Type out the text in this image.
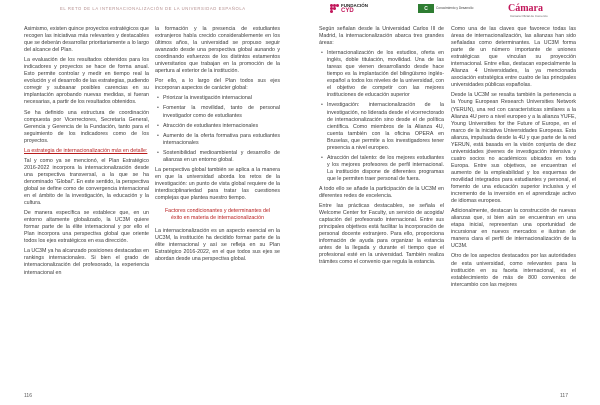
EL RETO DE LA INTERNACIONALIZACIÓN DE LA UNIVERSIDAD ESPAÑOLA
FUNDACIÓN
CYD	C	Conocimiento y Desarrollo	Cámara
Cámara Oficial de Comercio

Asimismo, existen quince proyectos estratégicos que recogen las iniciativas más relevantes y destacables que se deberán desarrollar prioritariamente a lo largo del alcance del Plan.

La evaluación de los resultados obtenidos para los indicadores y proyectos se hace de forma anual. Esto permite controlar y medir en tiempo real la evolución y el desarrollo de las estrategias, pudiendo corregir y subsanar posibles carencias en su implantación aprobando nuevas medidas, si fueran necesarias, a partir de los resultados obtenidos.

Se ha definido una estructura de coordinación compuesta por Vicerrectores, Secretaría General, Gerencia y Gerencia de la Fundación, tanto para el seguimiento de los indicadores como de los proyectos.

La estrategia de internacionalización más en detalle:

Tal y como ya se mencionó, el Plan Estratégico 2016-2022 incorpora la internacionalización desde una perspectiva transversal, a la que se ha denominado “Global”. En este sentido, la perspectiva global se define como de convergencia internacional en el ámbito de la investigación, la educación y la cultura.

De manera específica se establece que, en un entorno altamente globalizado, la UC3M quiere formar parte de la élite internacional y por ello el Plan incorpora una perspectiva global que oriente todos los ejes estratégicos en esa dirección.

La UC3M ya ha alcanzado posiciones destacadas en rankings internacionales. Si bien el grado de internacionalización del profesorado, la experiencia internacional en

la formación y la presencia de estudiantes extranjeros había crecido considerablemente en los últimos años, la universidad se propuso seguir avanzado desde una perspectiva global aunando y coordinando esfuerzos de los distintos estamentos universitarios que trabajan en la promoción de la apertura al exterior de la institución.

Por ello, a lo largo del Plan todos sus ejes incorporan aspectos de carácter global:

• Priorizar la investigación internacional
• Fomentar la movilidad, tanto de personal investigador como de estudiantes
• Atracción de estudiantes internacionales
• Aumento de la oferta formativa para estudiantes internacionales
• Sostenibilidad medioambiental y desarrollo de alianzas en un entorno global.

La perspectiva global también se aplica a la manera en que la universidad aborda los retos de la investigación: un punto de vista global requiere de la interdisciplinariedad para tratar las cuestiones complejas que plantea nuestro tiempo.

Factores condicionantes y determinantes del éxito en materia de internacionalización

La internacionalización es un aspecto esencial en la UC3M, la institución ha decidido formar parte de la élite internacional y así se refleja en su Plan Estratégico 2016-2022, en el que todos sus ejes se abordan desde una perspectiva global.

Según señalan desde la Universidad Carlos III de Madrid, la internacionalización abarca tres grandes áreas:

• Internacionalización de los estudios, oferta en inglés, doble titulación, movilidad. Una de las tareas que vienen desarrollando desde hace tiempo es la implantación del bilingüismo inglés-español a todos los niveles de la universidad, con el objetivo de competir con las mejores instituciones de educación superior
• Investigación: internacionalización de la investigación, no liderada desde el vicerrectorado de internacionalización sino desde el de política científica. Como miembros de la Alianza 4U, cuenta también con la oficina OPERA en Bruselas, que permite a los investigadores tener presencia a nivel europeo.
• Atracción del talento: de los mejores estudiantes y los mejores profesores de perfil internacional. La institución dispone de diferentes programas que le permiten traer personal de fuera.

A todo ello se añade la participación de la UC3M en diferentes redes de excelencia.

Entre las prácticas destacables, se señala el Welcome Center for Faculty, un servicio de acogida/ captación del profesorado internacional. Entre sus principales objetivos está facilitar la incorporación de personal docente extranjero. Para ello, proporciona información de ayuda para organizar la estancia antes de la llegada y durante el tiempo que el profesional esté en la universidad. También realiza trámites como el convenio que regula la estancia.

Como una de las claves que favorece todas las áreas de internacionalización, las alianzas han sido señaladas como determinantes. La UC3M forma parte de un número importante de uniones estratégicas que vinculan su proyección internacional. Entre ellas, destacan especialmente la Alianza 4 Universidades, la ya mencionada asociación estratégica entre cuatro de las principales universidades públicas españolas.

Desde la UC3M se resalta también la pertenencia a la Young European Research Universities Network (YERUN), una red con características similares a la Alianza 4U pero a nivel europeo y a la alianza YUFE, Young Universities for the Future of Europe, en el marco de la iniciativa Universidades Europeas. Esta alianza, impulsada desde la 4U y que parte de la red YERUN, está basada en la visión conjunta de diez universidades jóvenes de investigación intensiva y cuatro socios no académicos ubicados en toda Europa. Entre sus objetivos, se encuentran el aumento de la empleabilidad y los esquemas de movilidad integrados para estudiantes y personal, el fomento de una educación superior inclusiva y el incremento de la inversión en el aprendizaje activo de idiomas europeos.

Adicionalmente, destacan la construcción de nuevas alianzas que, si bien aún se encuentran en una etapa inicial, representan una oportunidad de incursionar en nuevos mercados e ilustran de manera clara el perfil de internacionalización de la UC3M.

Otro de los aspectos destacados por las autoridades de esta universidad, como relevantes para la institución en su faceta internacional, es el establecimiento de más de 800 convenios de intercambio con las mejores

116	117
